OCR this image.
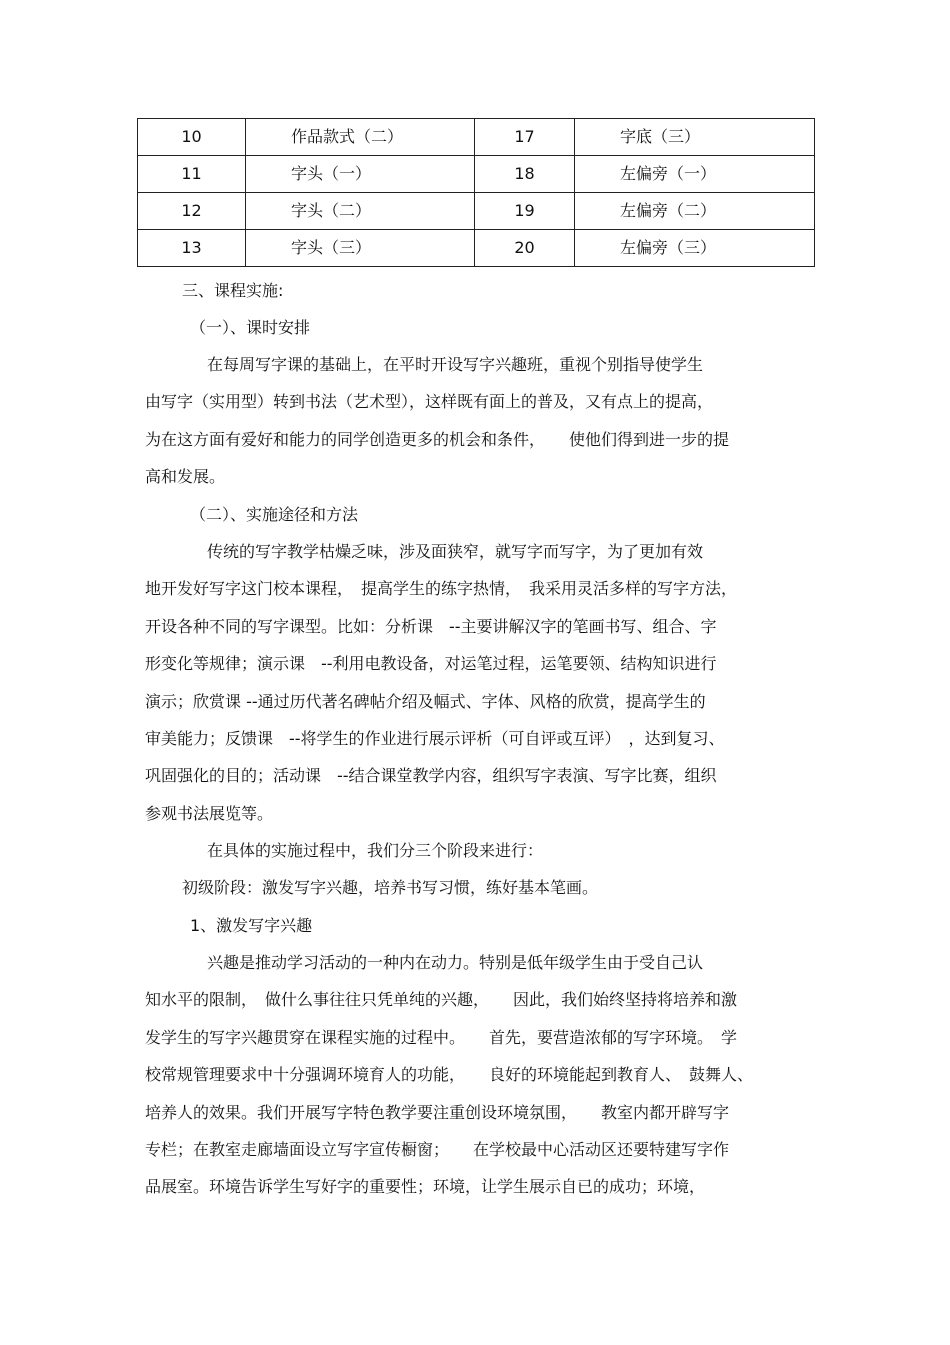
10	作品款式（二）	17	字底（三）
11	字头（一）	18	左偏旁（一）
12	字头（二）	19	左偏旁（二）
13	字头（三）	20	左偏旁（三）
三、课程实施:
（一）、课时安排
在每周写字课的基础上，在平时开设写字兴趣班，重视个别指导使学生
由写字（实用型）转到书法（艺术型），这样既有面上的普及，又有点上的提高，
为在这方面有爱好和能力的同学创造更多的机会和条件，　　使他们得到进一步的提
高和发展。
（二）、实施途径和方法
传统的写字教学枯燥乏味，涉及面狭窄，就写字而写字，为了更加有效
地开发好写字这门校本课程，　提高学生的练字热情，　我采用灵活多样的写字方法，
开设各种不同的写字课型。比如：分析课　--主要讲解汉字的笔画书写、组合、字
形变化等规律；演示课　--利用电教设备，对运笔过程，运笔要领、结构知识进行
演示；欣赏课 --通过历代著名碑帖介绍及幅式、字体、风格的欣赏，提高学生的
审美能力；反馈课　--将学生的作业进行展示评析（可自评或互评）　，达到复习、
巩固强化的目的；活动课　--结合课堂教学内容，组织写字表演、写字比赛，组织
参观书法展览等。
在具体的实施过程中，我们分三个阶段来进行：
初级阶段：激发写字兴趣，培养书写习惯，练好基本笔画。
1、激发写字兴趣
兴趣是推动学习活动的一种内在动力。特别是低年级学生由于受自己认
知水平的限制，　做什么事往往只凭单纯的兴趣，　　因此，我们始终坚持将培养和激
发学生的写字兴趣贯穿在课程实施的过程中。　　首先，要营造浓郁的写字环境。　学
校常规管理要求中十分强调环境育人的功能，　　良好的环境能起到教育人、　鼓舞人、
培养人的效果。我们开展写字特色教学要注重创设环境氛围，　　教室内都开辟写字
专栏；在教室走廊墙面设立写字宣传橱窗；　　在学校最中心活动区还要特建写字作
品展室。环境告诉学生写好字的重要性；环境，让学生展示自已的成功；环境，
